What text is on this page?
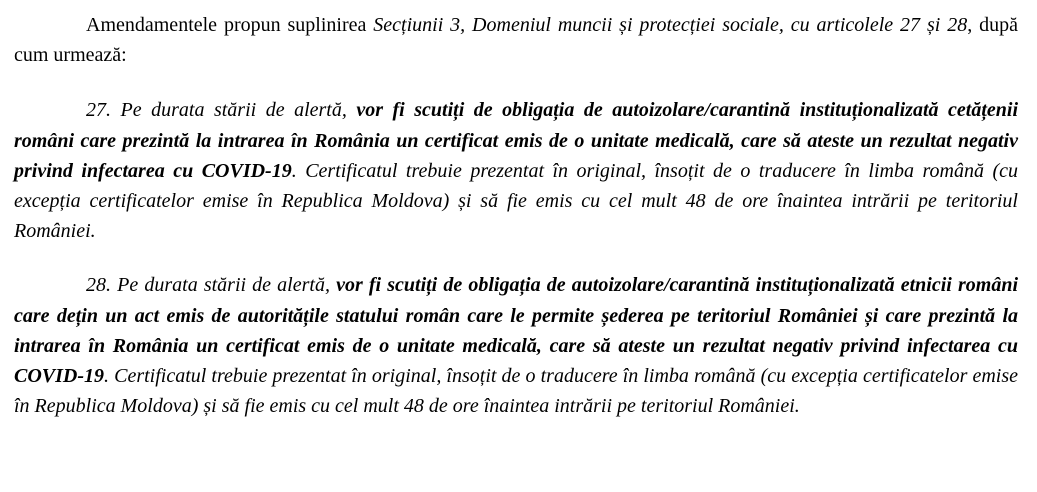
Amendamentele propun suplinirea Secțiunii 3, Domeniul muncii și protecției sociale, cu articolele 27 și 28, după cum urmează:

27. Pe durata stării de alertă, vor fi scutiți de obligația de autoizolare/carantină instituționalizată cetățenii români care prezintă la intrarea în România un certificat emis de o unitate medicală, care să ateste un rezultat negativ privind infectarea cu COVID-19. Certificatul trebuie prezentat în original, însoțit de o traducere în limba română (cu excepția certificatelor emise în Republica Moldova) și să fie emis cu cel mult 48 de ore înaintea intrării pe teritoriul României.

28. Pe durata stării de alertă, vor fi scutiți de obligația de autoizolare/carantină instituționalizată etnicii români care dețin un act emis de autoritățile statului român care le permite șederea pe teritoriul României și care prezintă la intrarea în România un certificat emis de o unitate medicală, care să ateste un rezultat negativ privind infectarea cu COVID-19. Certificatul trebuie prezentat în original, însoțit de o traducere în limba română (cu excepția certificatelor emise în Republica Moldova) și să fie emis cu cel mult 48 de ore înaintea intrării pe teritoriul României.
